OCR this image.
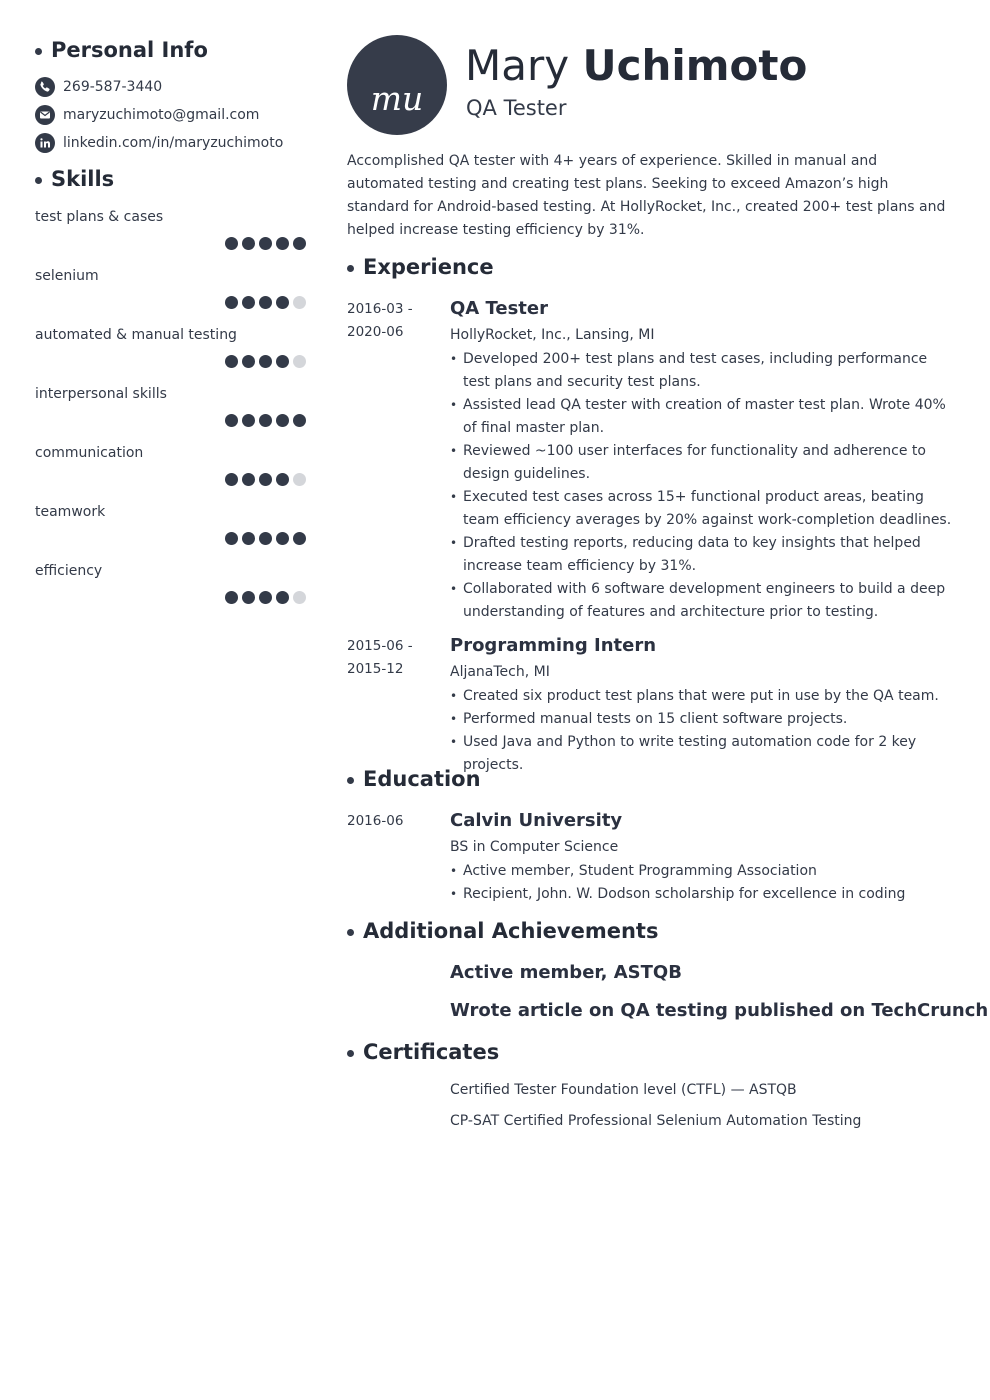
Personal Info
269-587-3440
maryzuchimoto@gmail.com
linkedin.com/in/maryzuchimoto
Skills
test plans & cases
selenium
automated & manual testing
interpersonal skills
communication
teamwork
efficiency
mu
Mary Uchimoto
QA Tester
Accomplished QA tester with 4+ years of experience. Skilled in manual and automated testing and creating test plans. Seeking to exceed Amazon’s high standard for Android-based testing. At HollyRocket, Inc., created 200+ test plans and helped increase testing efficiency by 31%.
Experience
2016-03 -
2020-06
QA Tester
HollyRocket, Inc., Lansing, MI
• Developed 200+ test plans and test cases, including performance test plans and security test plans.
• Assisted lead QA tester with creation of master test plan. Wrote 40% of final master plan.
• Reviewed ~100 user interfaces for functionality and adherence to design guidelines.
• Executed test cases across 15+ functional product areas, beating team efficiency averages by 20% against work-completion deadlines.
• Drafted testing reports, reducing data to key insights that helped increase team efficiency by 31%.
• Collaborated with 6 software development engineers to build a deep understanding of features and architecture prior to testing.
2015-06 -
2015-12
Programming Intern
AljanaTech, MI
• Created six product test plans that were put in use by the QA team.
• Performed manual tests on 15 client software projects.
• Used Java and Python to write testing automation code for 2 key projects.
Education
2016-06	Calvin University
BS in Computer Science
• Active member, Student Programming Association
• Recipient, John. W. Dodson scholarship for excellence in coding
Additional Achievements
Active member, ASTQB
Wrote article on QA testing published on TechCrunch
Certificates
Certified Tester Foundation level (CTFL) — ASTQB
CP-SAT Certified Professional Selenium Automation Testing
